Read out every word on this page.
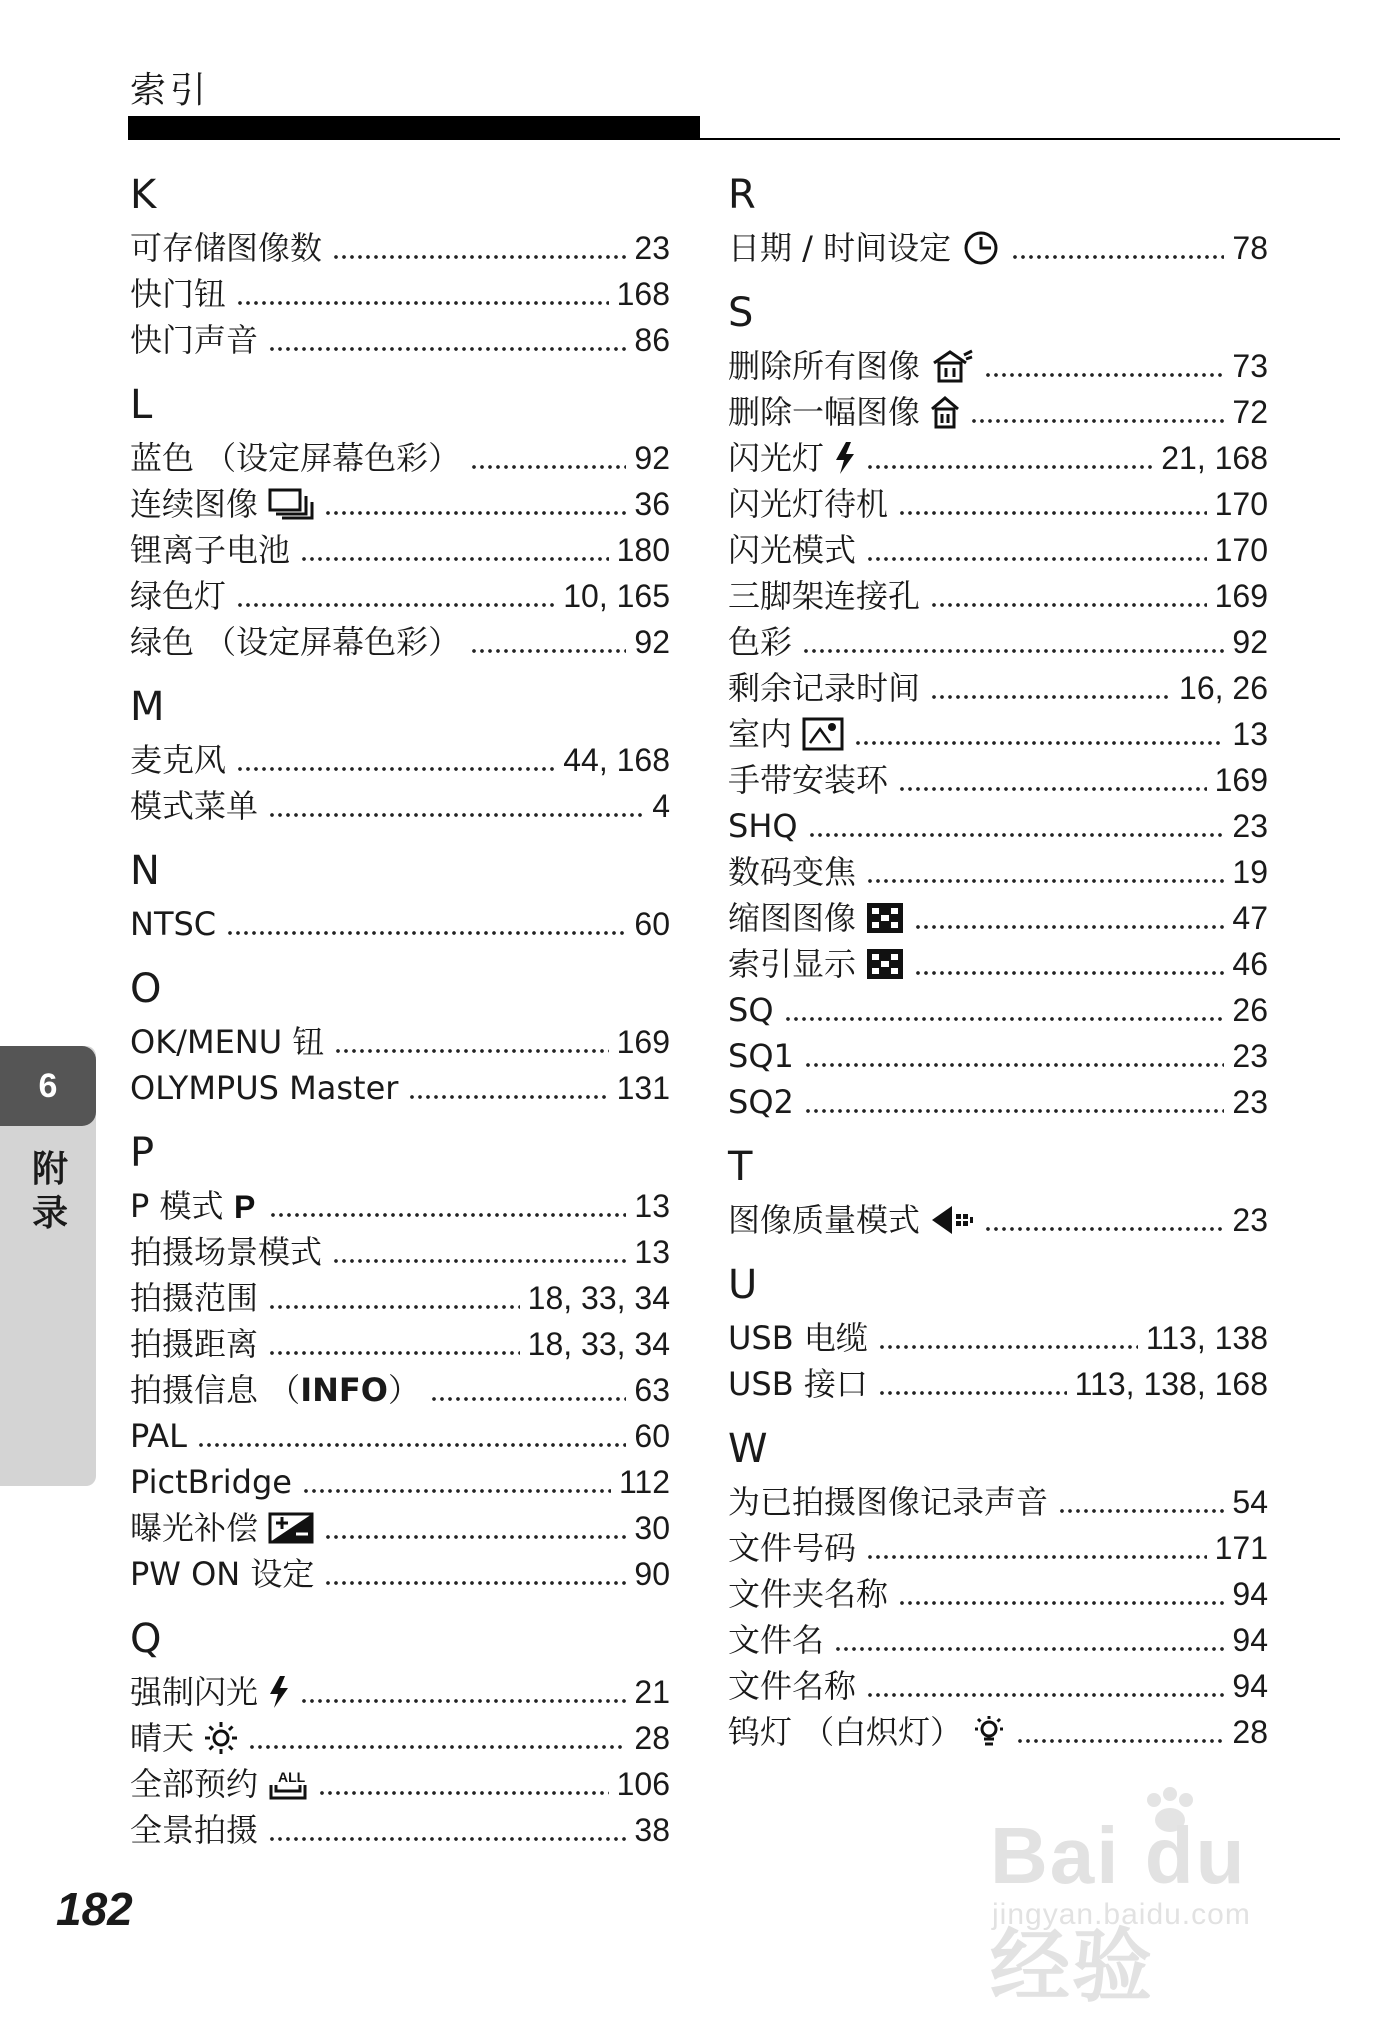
索引
K
可存储图像数	23
快门钮	168
快门声音	86
L
蓝色 （设定屏幕色彩）	92
连续图像	36
锂离子电池	180
绿色灯	10, 165
绿色 （设定屏幕色彩）	92
M
麦克风	44, 168
模式菜单	4
N
NTSC	60
O
OK/MENU 钮	169
OLYMPUS Master	131
P
P 模式 P	13
拍摄场景模式	13
拍摄范围	18, 33, 34
拍摄距离	18, 33, 34
拍摄信息 （ INFO ）	63
PAL	60
PictBridge	112
曝光补偿	30
PW ON 设定	90
Q
强制闪光	21
晴天	28
全部预约 ALL	106
全景拍摄	38
R
日期 / 时间设定	78
S
删除所有图像	73
删除一幅图像	72
闪光灯	21, 168
闪光灯待机	170
闪光模式	170
三脚架连接孔	169
色彩	92
剩余记录时间	16, 26
室内	13
手带安装环	169
SHQ	23
数码变焦	19
缩图图像	47
索引显示	46
SQ	26
SQ1	23
SQ2	23
T
图像质量模式	23
U
USB 电缆	113, 138
USB 接口	113, 138, 168
W
为已拍摄图像记录声音	54
文件号码	171
文件夹名称	94
文件名	94
文件名称	94
钨灯 （白炽灯）	28
6
附录
182
Bai du 经验
jingyan.baidu.com
